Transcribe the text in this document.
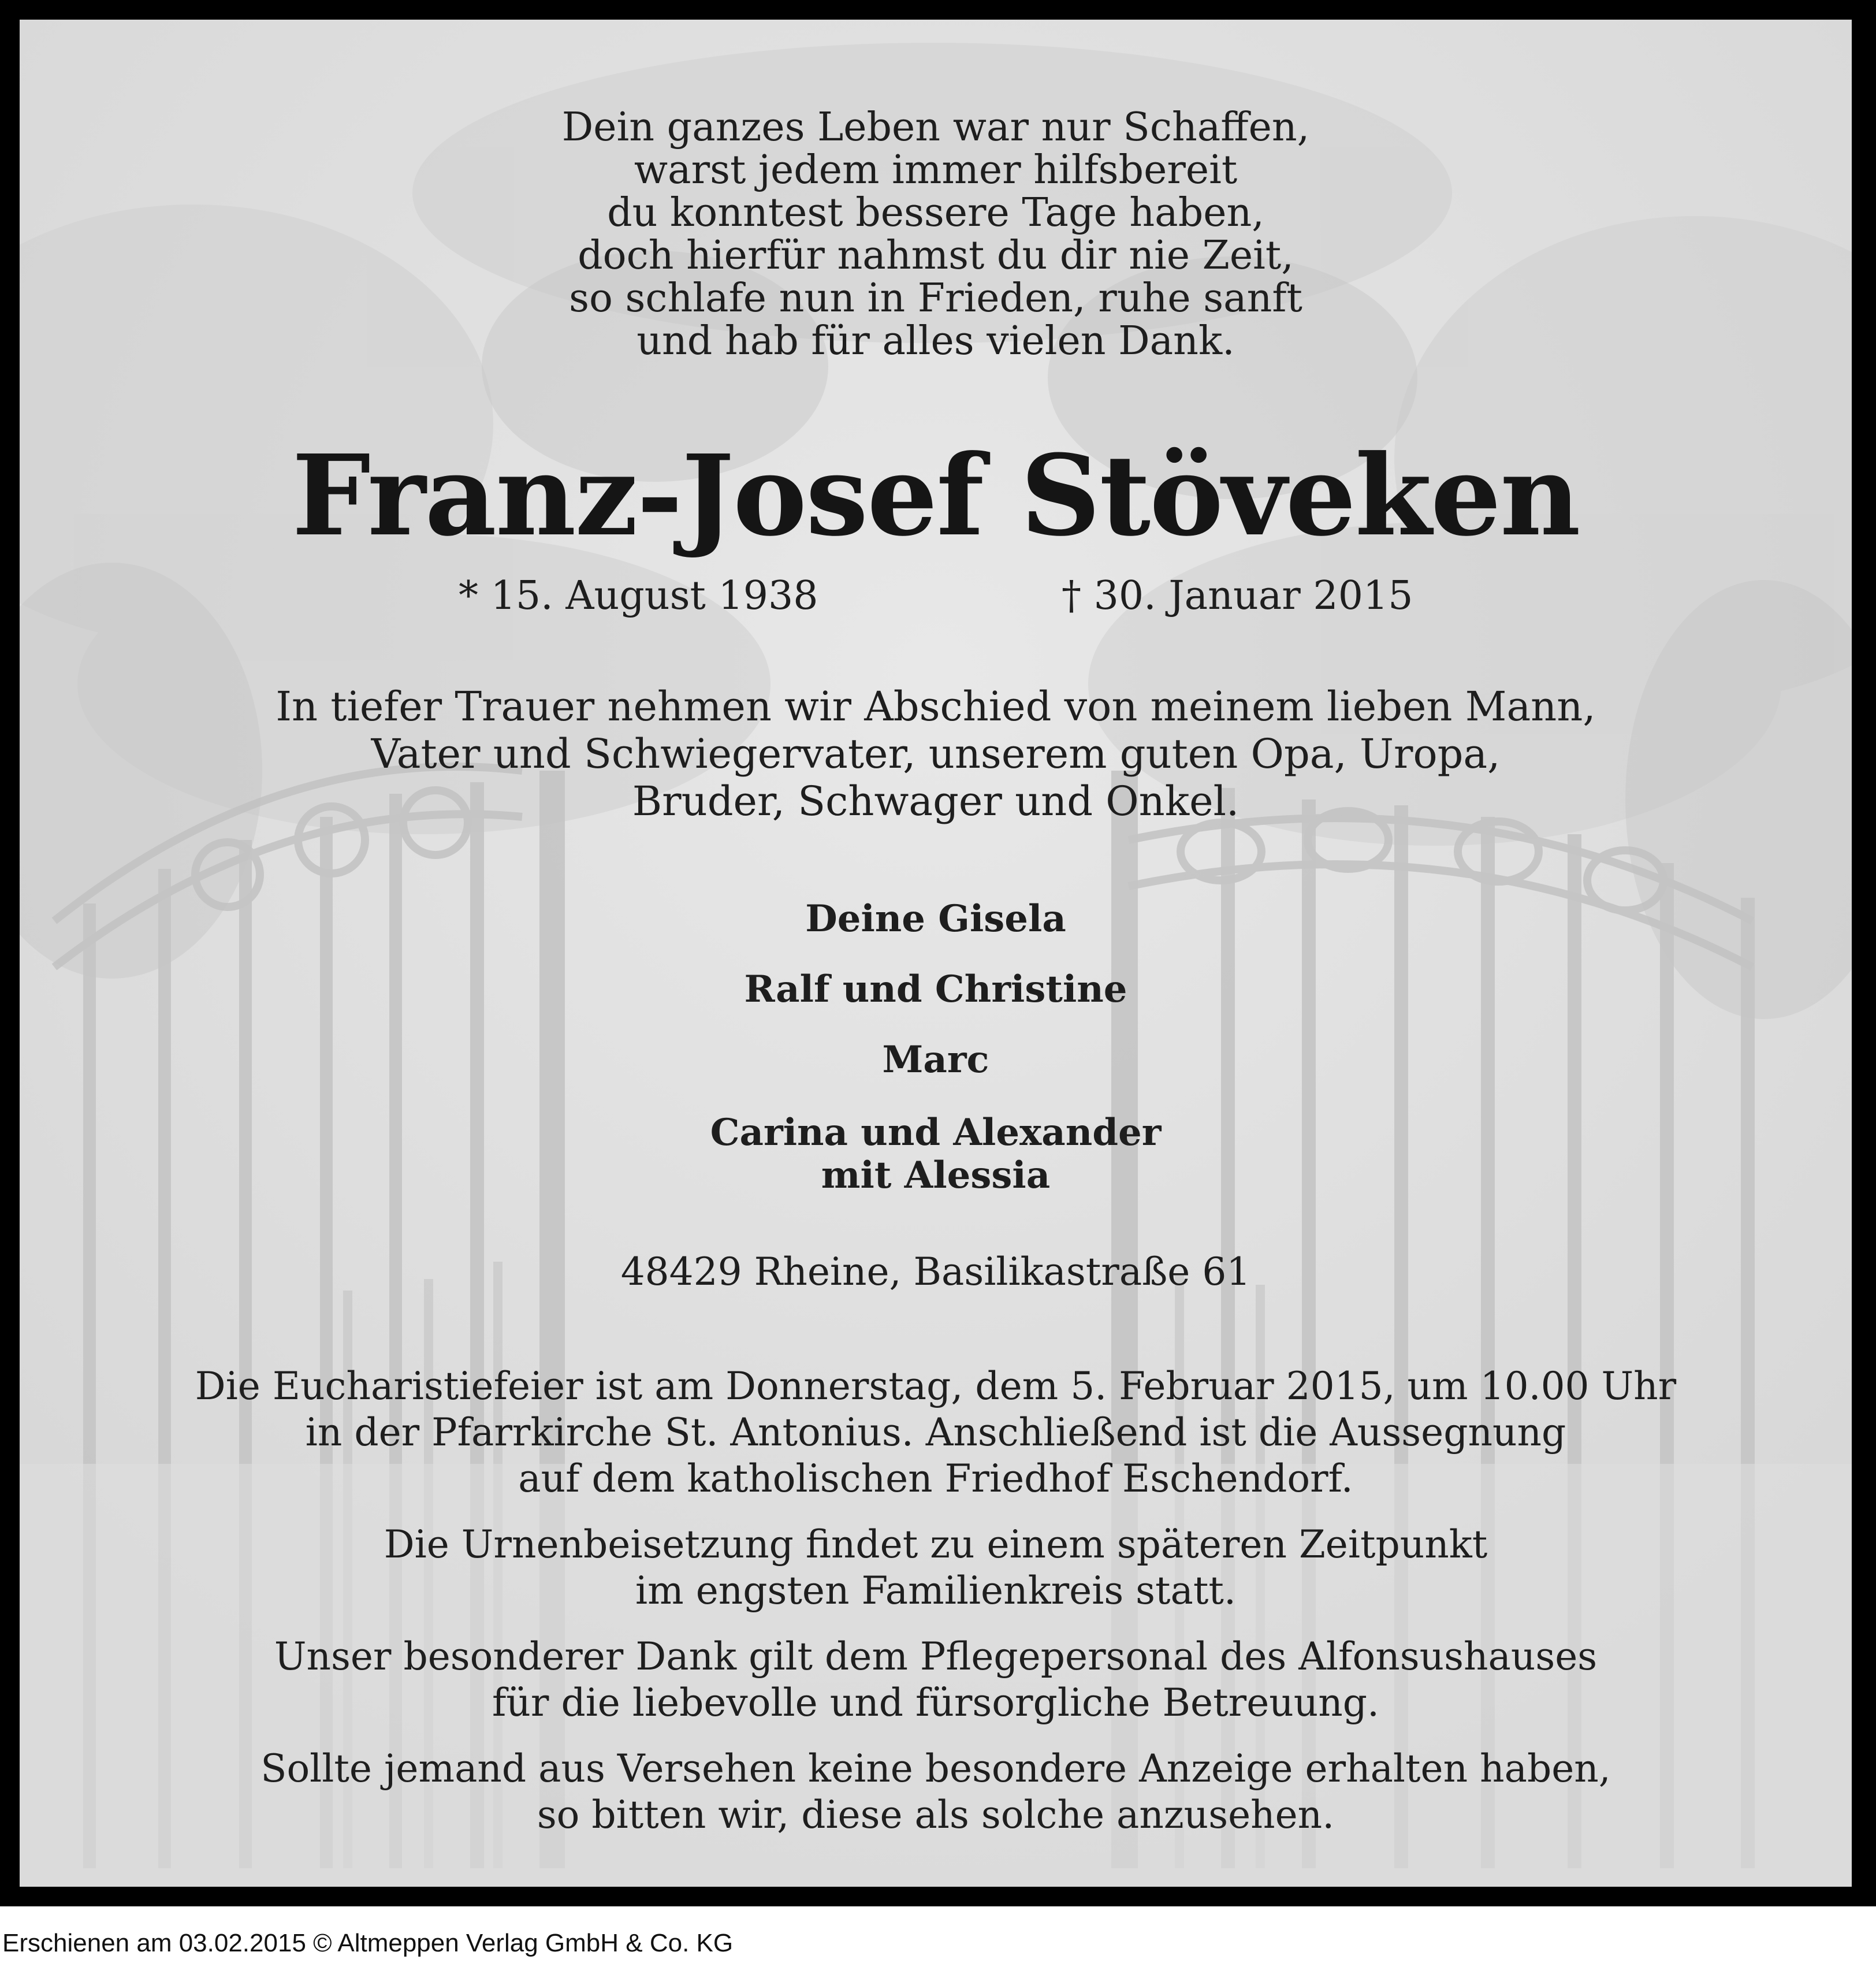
Dein ganzes Leben war nur Schaffen,
warst jedem immer hilfsbereit
du konntest bessere Tage haben,
doch hierfür nahmst du dir nie Zeit,
so schlafe nun in Frieden, ruhe sanft
und hab für alles vielen Dank.
Franz-Josef Stöveken
* 15. August 1938	† 30. Januar 2015
In tiefer Trauer nehmen wir Abschied von meinem lieben Mann,
Vater und Schwiegervater, unserem guten Opa, Uropa,
Bruder, Schwager und Onkel.
Deine Gisela
Ralf und Christine
Marc
Carina und Alexander
mit Alessia
48429 Rheine, Basilikastraße 61
Die Eucharistiefeier ist am Donnerstag, dem 5. Februar 2015, um 10.00 Uhr
in der Pfarrkirche St. Antonius. Anschließend ist die Aussegnung
auf dem katholischen Friedhof Eschendorf.
Die Urnenbeisetzung findet zu einem späteren Zeitpunkt
im engsten Familienkreis statt.
Unser besonderer Dank gilt dem Pflegepersonal des Alfonsushauses
für die liebevolle und fürsorgliche Betreuung.
Sollte jemand aus Versehen keine besondere Anzeige erhalten haben,
so bitten wir, diese als solche anzusehen.
Erschienen am 03.02.2015 © Altmeppen Verlag GmbH & Co. KG
